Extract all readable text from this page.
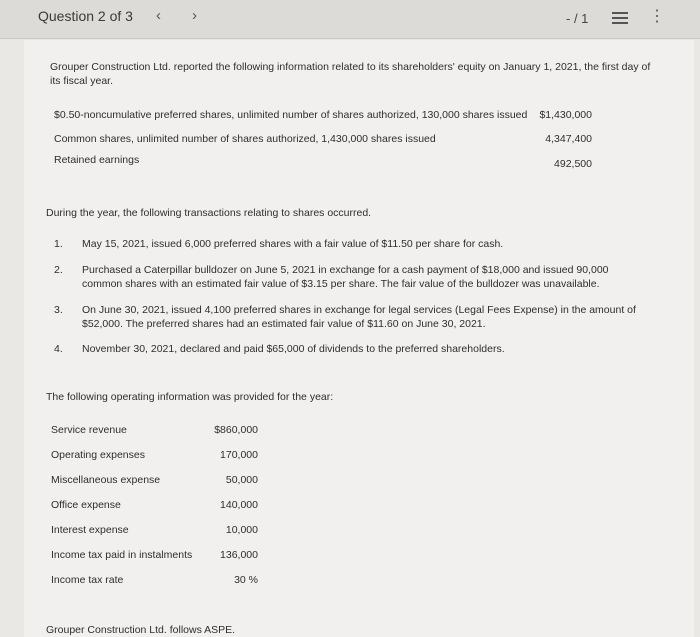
Question 2 of 3 ‹ ›	- / 1	⋮
Grouper Construction Ltd. reported the following information related to its shareholders' equity on January 1, 2021, the first day of its fiscal year.
$0.50-noncumulative preferred shares, unlimited number of shares authorized, 130,000 shares issued	$1,430,000
Common shares, unlimited number of shares authorized, 1,430,000 shares issued	4,347,400
Retained earnings	492,500
During the year, the following transactions relating to shares occurred.
1.	May 15, 2021, issued 6,000 preferred shares with a fair value of $11.50 per share for cash.
2.	Purchased a Caterpillar bulldozer on June 5, 2021 in exchange for a cash payment of $18,000 and issued 90,000 common shares with an estimated fair value of $3.15 per share. The fair value of the bulldozer was unavailable.
3.	On June 30, 2021, issued 4,100 preferred shares in exchange for legal services (Legal Fees Expense) in the amount of $52,000. The preferred shares had an estimated fair value of $11.60 on June 30, 2021.
4.	November 30, 2021, declared and paid $65,000 of dividends to the preferred shareholders.
The following operating information was provided for the year:
Service revenue	$860,000
Operating expenses	170,000
Miscellaneous expense	50,000
Office expense	140,000
Interest expense	10,000
Income tax paid in instalments	136,000
Income tax rate	30 %
Grouper Construction Ltd. follows ASPE.
